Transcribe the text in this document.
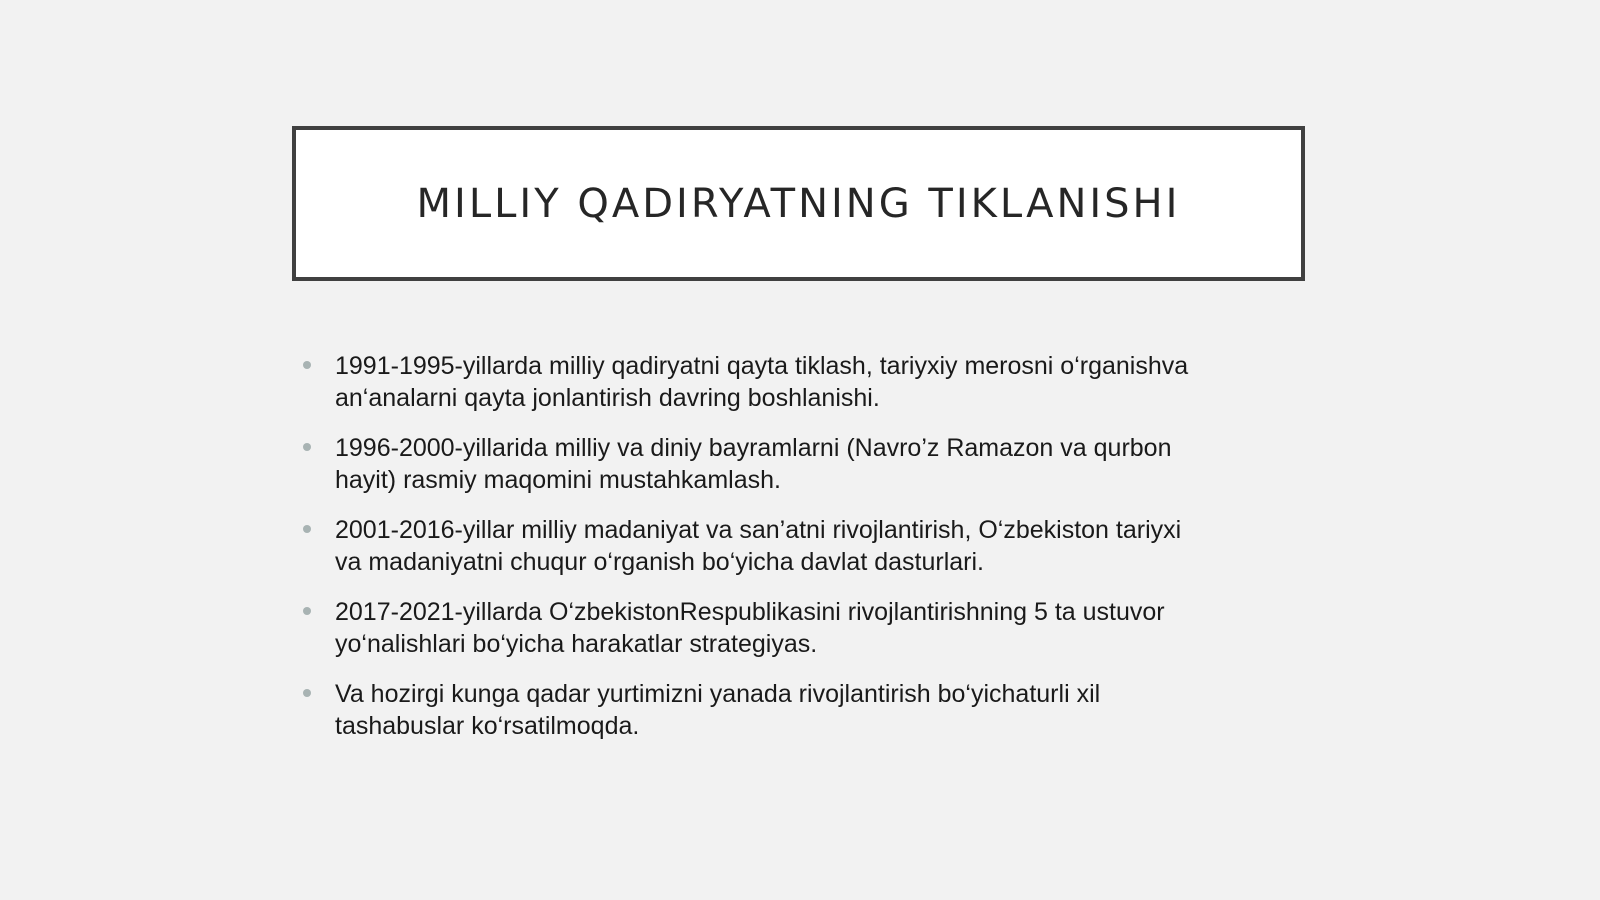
MILLIY QADIRYATNING TIKLANISHI
1991-1995-yillarda milliy qadiryatni qayta tiklash, tariyxiy merosni o‘rganishva
an‘analarni qayta jonlantirish davring boshlanishi.
1996-2000-yillarida milliy va diniy bayramlarni (Navro’z Ramazon va qurbon
hayit) rasmiy maqomini mustahkamlash.
2001-2016-yillar milliy madaniyat va san’atni rivojlantirish, O‘zbekiston tariyxi
va madaniyatni chuqur o‘rganish bo‘yicha davlat dasturlari.
2017-2021-yillarda O‘zbekistonRespublikasini rivojlantirishning 5 ta ustuvor
yo‘nalishlari bo‘yicha harakatlar strategiyas.
Va hozirgi kunga qadar yurtimizni yanada rivojlantirish bo‘yichaturli xil
tashabuslar ko‘rsatilmoqda.
